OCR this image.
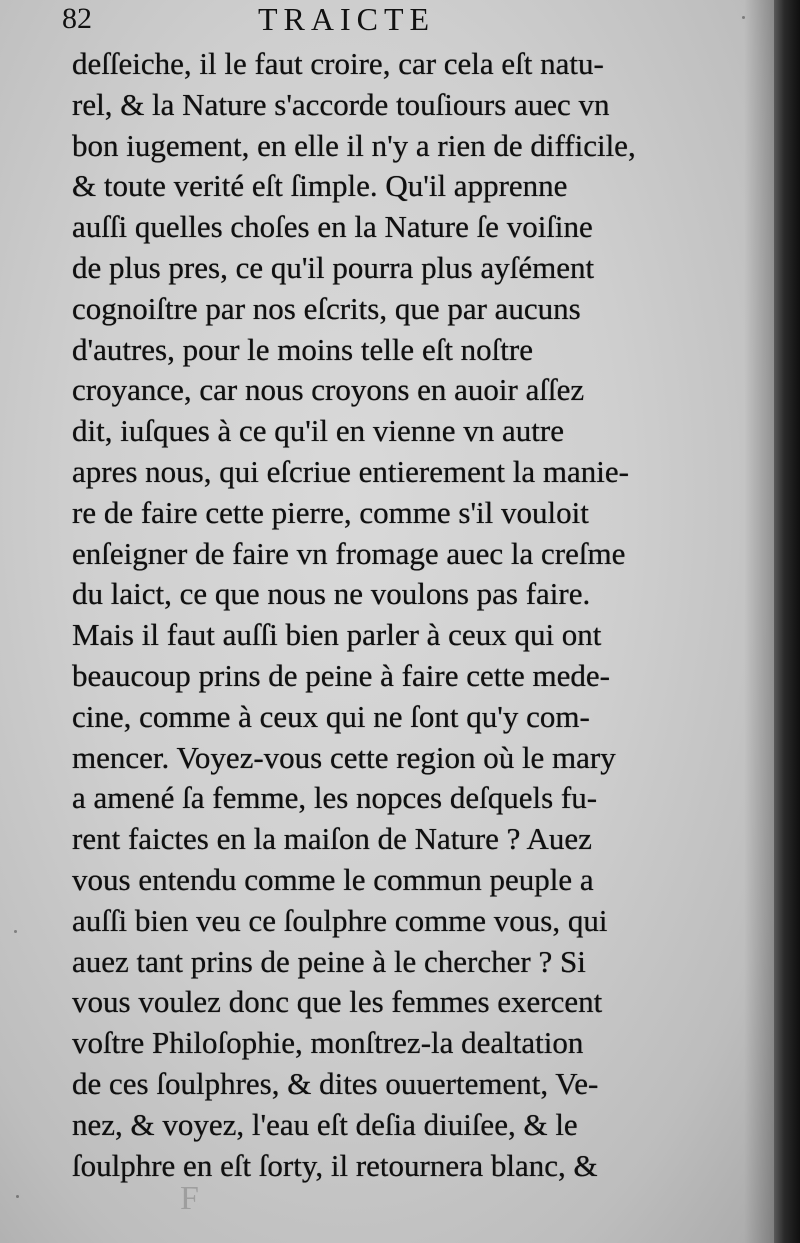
82	TRAICTE
deſſeiche, il le faut croire, car cela eſt natu-
rel, & la Nature s'accorde touſiours auec vn
bon iugement, en elle il n'y a rien de difficile,
& toute verité eſt ſimple. Qu'il apprenne
auſſi quelles choſes en la Nature ſe voiſine
de plus pres, ce qu'il pourra plus ayſément
cognoiſtre par nos eſcrits, que par aucuns
d'autres, pour le moins telle eſt noſtre
croyance, car nous croyons en auoir aſſez
dit, iuſques à ce qu'il en vienne vn autre
apres nous, qui eſcriue entierement la manie-
re de faire cette pierre, comme s'il vouloit
enſeigner de faire vn fromage auec la creſme
du laict, ce que nous ne voulons pas faire.
Mais il faut auſſi bien parler à ceux qui ont
beaucoup prins de peine à faire cette mede-
cine, comme à ceux qui ne ſont qu'y com-
mencer. Voyez-vous cette region où le mary
a amené ſa femme, les nopces deſquels fu-
rent faictes en la maiſon de Nature ? Auez
vous entendu comme le commun peuple a
auſſi bien veu ce ſoulphre comme vous, qui
auez tant prins de peine à le chercher ? Si
vous voulez donc que les femmes exercent
voſtre Philoſophie, monſtrez-la dealtation
de ces ſoulphres, & dites ouuertement, Ve-
nez, & voyez, l'eau eſt deſia diuiſee, & le
ſoulphre en eſt ſorty, il retournera blanc, &
F
